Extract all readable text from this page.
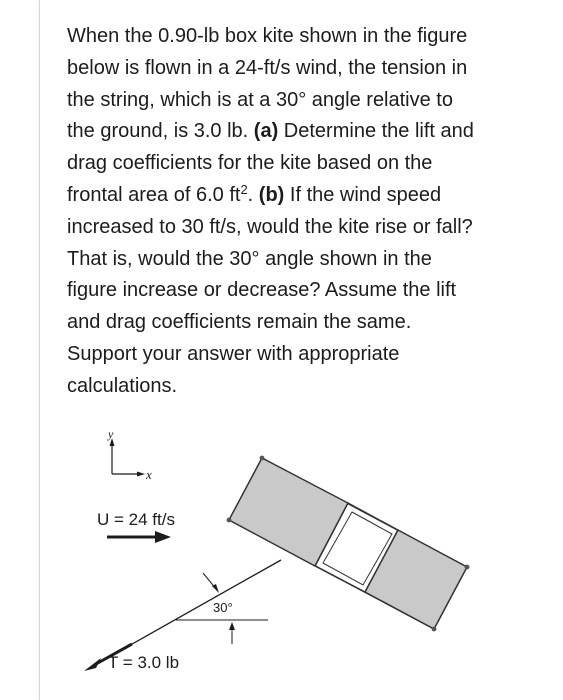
When the 0.90-lb box kite shown in the figure
below is flown in a 24-ft/s wind, the tension in
the string, which is at a 30° angle relative to
the ground, is 3.0 lb. (a) Determine the lift and
drag coefficients for the kite based on the
frontal area of 6.0 $ft^2$. (b) If the wind speed
increased to 30 ft/s, would the kite rise or fall?
That is, would the 30° angle shown in the
figure increase or decrease? Assume the lift
and drag coefficients remain the same.
Support your answer with appropriate
calculations.

y
x
U = 24 ft/s
30°
T = 3.0 lb
